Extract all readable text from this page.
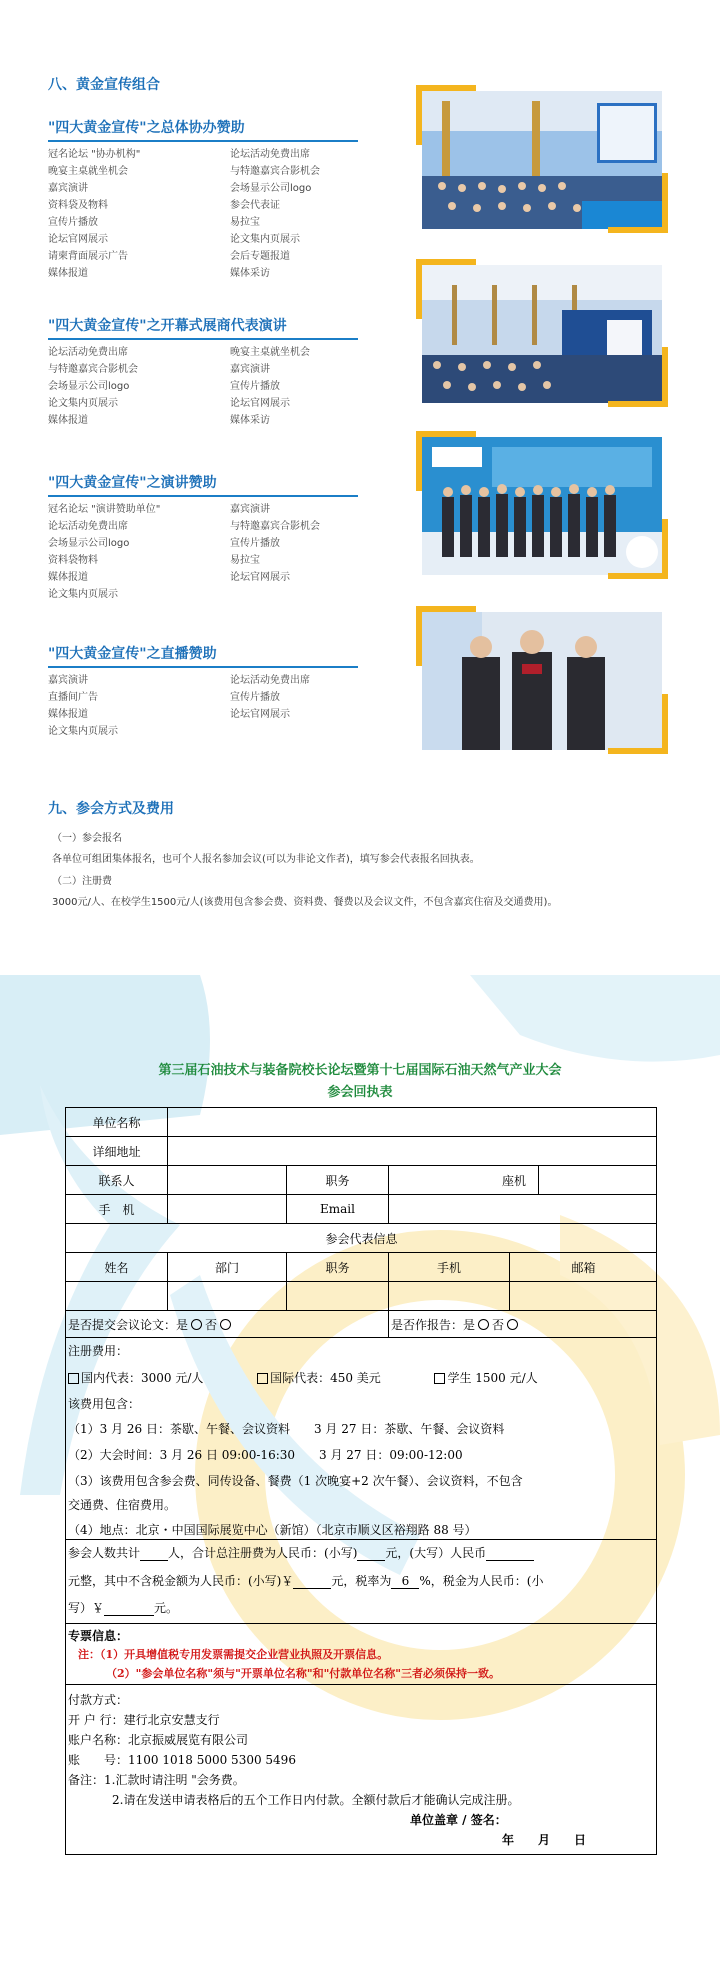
八、黄金宣传组合
"四大黄金宣传"之总体协办赞助
冠名论坛 "协办机构"	论坛活动免费出席
晚宴主桌就坐机会	与特邀嘉宾合影机会
嘉宾演讲	会场显示公司logo
资料袋及物料	参会代表证
宣传片播放	易拉宝
论坛官网展示	论文集内页展示
请柬背面展示广告	会后专题报道
媒体报道	媒体采访
"四大黄金宣传"之开幕式展商代表演讲
论坛活动免费出席	晚宴主桌就坐机会
与特邀嘉宾合影机会	嘉宾演讲
会场显示公司logo	宣传片播放
论文集内页展示	论坛官网展示
媒体报道	媒体采访
"四大黄金宣传"之演讲赞助
冠名论坛 "演讲赞助单位"	嘉宾演讲
论坛活动免费出席	与特邀嘉宾合影机会
会场显示公司logo	宣传片播放
资料袋物料	易拉宝
媒体报道	论坛官网展示
论文集内页展示
"四大黄金宣传"之直播赞助
嘉宾演讲	论坛活动免费出席
直播间广告	宣传片播放
媒体报道	论坛官网展示
论文集内页展示
九、参会方式及费用
（一）参会报名
各单位可组团集体报名，也可个人报名参加会议(可以为非论文作者)，填写参会代表报名回执表。
（二）注册费
3000元/人、在校学生1500元/人(该费用包含参会费、资料费、餐费以及会议文件，不包含嘉宾住宿及交通费用)。
第三届石油技术与装备院校长论坛暨第十七届国际石油天然气产业大会
参会回执表
单位名称
详细地址
联系人	职务	座机
手　机	Email
参会代表信息
姓名	部门	职务	手机	邮箱
是否提交会议论文：是 否	是否作报告：是 否
注册费用：
国内代表：3000 元/人	国际代表：450 美元	学生 1500 元/人
该费用包含：
（1）3 月 26 日：茶歇、午餐、会议资料　　3 月 27 日：茶歇、午餐、会议资料
（2）大会时间：3 月 26 日 09:00-16:30　　3 月 27 日：09:00-12:00
（3）该费用包含参会费、同传设备、餐费（1 次晚宴+2 次午餐）、会议资料，不包含
交通费、住宿费用。
（4）地点：北京・中国国际展览中心（新馆）（北京市顺义区裕翔路 88 号）
参会人数共计 人，合计总注册费为人民币：(小写) 元，(大写）人民币
元整，其中不含税金额为人民币：(小写)￥	元，税率为 6 %，税金为人民币：(小
写）￥	元。
专票信息：
注：（1）开具增值税专用发票需提交企业营业执照及开票信息。
（2）"参会单位名称"须与"开票单位名称"和"付款单位名称"三者必须保持一致。
付款方式：
开 户 行：建行北京安慧支行
账户名称：北京振威展览有限公司
账　　号：1100 1018 5000 5300 5496
备注：1.汇款时请注明 "会务费。
2.请在发送申请表格后的五个工作日内付款。全额付款后才能确认完成注册。
单位盖章 / 签名：
年　　月　　日
